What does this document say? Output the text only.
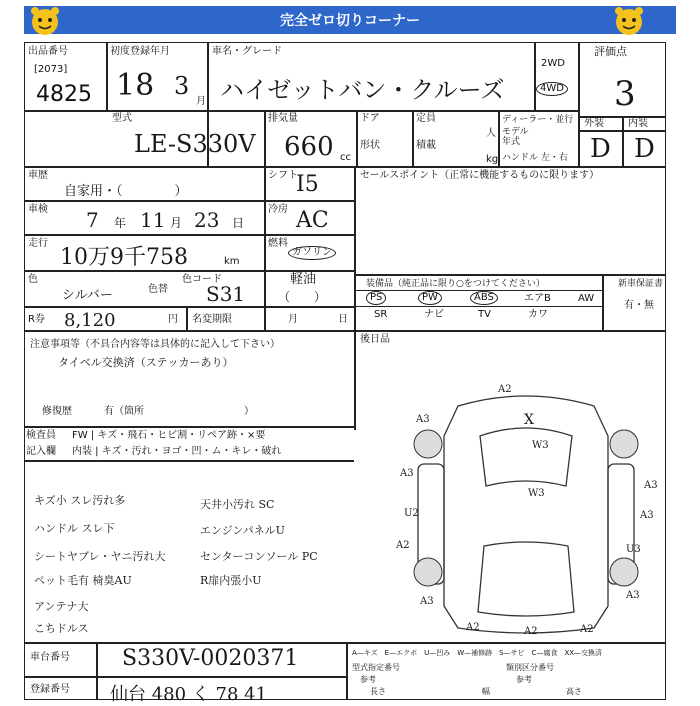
完全ゼロ切りコーナー
出品番号
[2073]
4825
初度登録年月
18 3
月
車名・グレード
ハイゼットバン・クルーズ
2WD
4WD
評価点
3
外装 内装
D D
型式
LE-S330V
排気量
660 cc
ドア
形状
定員
積載
人
kg
ディーラー・並行
モデル
年式
ハンドル 左・右
車歴
自家用・（　　　　）
シフト
I5
車検 7 年 11 月 23 日
冷房 AC
走行
10万9千758	km
燃料
ガソリン
軽油
（　　）
色
シルバー	色替
色コード
S31
R券 8,120	円 名変期限	月	日
セールスポイント（正常に機能するものに限ります）
装備品（純正品に限り○をつけてください）	新車保証書
有・無
PS	PW	ABS	エアB	AW
SR	ナビ	TV	カワ
後日品
注意事項等（不具合内容等は具体的に記入して下さい）
タイベル交換済（ステッカーあり）
修復歴	有（箇所　　　　　　　　　　）
検査員 FW | キズ・飛石・ヒビ割・リペア跡・×要
記入欄 内装 | キズ・汚れ・ヨゴ・凹・ム・キレ・破れ
キズ小 スレ汚れ多
ハンドル スレ下
シートヤブレ・ヤニ汚れ大
ペット毛有 椅臭AU
アンテナ大
こちドルス
天井小汚れ SC
エンジンパネルU
センターコンソール PC
R扉内張小U
A2
A3	X
W3
A3
A3
U2
W3
A3
A2	U3
A3
A2
A3
A2
A2
車台番号 S330V-0020371
登録番号 仙台 480 く 78 41
A—キズ　E—エクボ　U—凹み　W—補修跡　S—サビ　C—腐食　XX—交換済
型式指定番号	類別区分番号
参考	参考
長さ	幅	高さ
